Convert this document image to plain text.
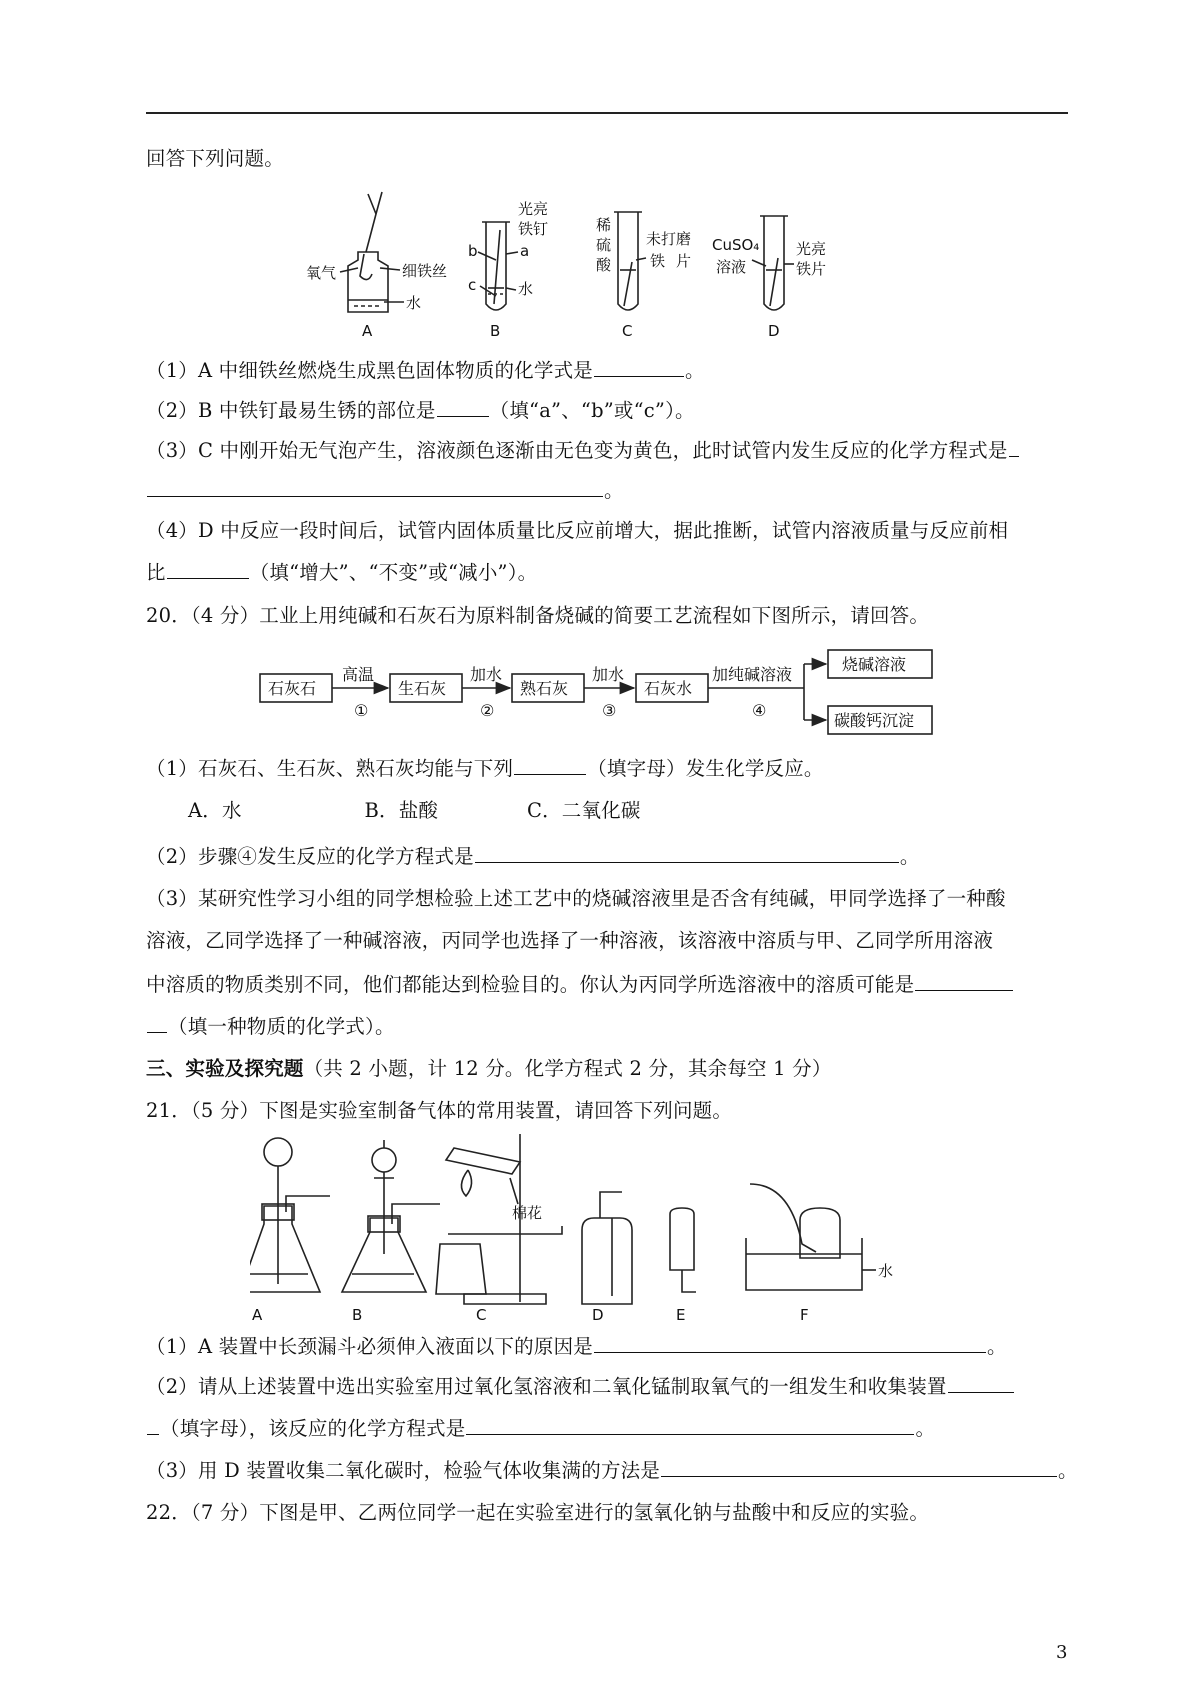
回答下列问题。
氧气	细铁丝
水
光亮
铁钉
b	a
c	水
稀
硫
酸
未打磨
铁 片
CuSO₄
溶液
光亮
铁片
A	B	C	D
（1）A 中细铁丝燃烧生成黑色固体物质的化学式是	。
（2）B 中铁钉最易生锈的部位是	（填“a”、“b”或“c”）。
（3）C 中刚开始无气泡产生，溶液颜色逐渐由无色变为黄色，此时试管内发生反应的化学方程式是
。
（4）D 中反应一段时间后，试管内固体质量比反应前增大，据此推断，试管内溶液质量与反应前相
比	（填“增大”、“不变”或“减小”）。
20．（4 分）工业上用纯碱和石灰石为原料制备烧碱的简要工艺流程如下图所示，请回答。
石灰石	生石灰	熟石灰	石灰水
烧碱溶液
碳酸钙沉淀
高温
①
加水
②
加水
③
加纯碱溶液
④
（1）石灰石、生石灰、熟石灰均能与下列	（填字母）发生化学反应。
A．水	B．盐酸	C．二氧化碳
（2）步骤④发生反应的化学方程式是	。
（3）某研究性学习小组的同学想检验上述工艺中的烧碱溶液里是否含有纯碱，甲同学选择了一种酸
溶液，乙同学选择了一种碱溶液，丙同学也选择了一种溶液，该溶液中溶质与甲、乙同学所用溶液
中溶质的物质类别不同，他们都能达到检验目的。你认为丙同学所选溶液中的溶质可能是
（填一种物质的化学式）。
三、实验及探究题（共 2 小题，计 12 分。化学方程式 2 分，其余每空 1 分）
21．（5 分）下图是实验室制备气体的常用装置，请回答下列问题。
棉花
水
A	B	C	D	E	F
（1）A 装置中长颈漏斗必须伸入液面以下的原因是	。
（2）请从上述装置中选出实验室用过氧化氢溶液和二氧化锰制取氧气的一组发生和收集装置
（填字母），该反应的化学方程式是	。
（3）用 D 装置收集二氧化碳时，检验气体收集满的方法是	。
22．（7 分）下图是甲、乙两位同学一起在实验室进行的氢氧化钠与盐酸中和反应的实验。
3
